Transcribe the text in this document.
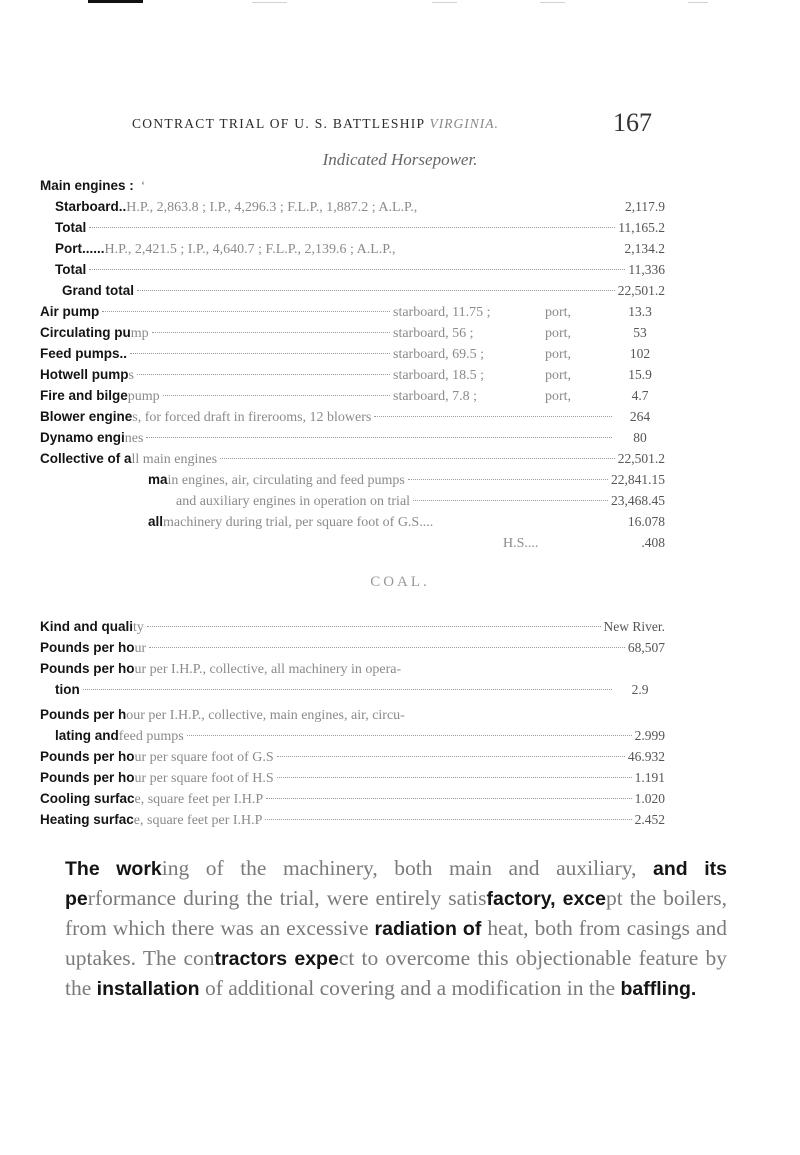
CONTRACT TRIAL OF U. S. BATTLESHIP VIRGINIA.	167
Indicated Horsepower.
Main engines : ‘
Starboard.. H.P., 2,863.8 ; I.P., 4,296.3 ; F.L.P., 1,887.2 ; A.L.P.,	2,117.9
Total	11,165.2
Port...... H.P., 2,421.5 ; I.P., 4,640.7 ; F.L.P., 2,139.6 ; A.L.P.,	2,134.2
Total	11,336
Grand total	22,501.2
Air pump	starboard, 11.75 ;	port,	13.3
Circulating pu mp	starboard, 56 ;	port,	53
Feed pumps..	starboard, 69.5 ;	port,	102
Hotwell pump s	starboard, 18.5 ;	port,	15.9
Fire and bilge pump	starboard, 7.8 ;	port,	4.7
Blower engine s, for forced draft in firerooms, 12 blowers	264
Dynamo engi nes	80
Collective of a ll main engines	22,501.2
ma in engines, air, circulating and feed pumps	22,841.15
and auxiliary engines in operation on trial	23,468.45
all machinery during trial, per square foot of G.S....	16.078
H.S....	.408
COAL.
Kind and quali ty	New River.
Pounds per ho ur	68,507
Pounds per ho ur per I.H.P., collective, all machinery in opera-
tion	2.9
Pounds per h our per I.H.P., collective, main engines, air, circu-
lating and feed pumps	2.999
Pounds per ho ur per square foot of G.S	46.932
Pounds per ho ur per square foot of H.S	1.191
Cooling surfac e, square feet per I.H.P	1.020
Heating surfac e, square feet per I.H.P	2.452
The working of the machinery, both main and auxiliary, and its performance during the trial, were entirely satisfactory, except the boilers, from which there was an excessive radiation of heat, both from casings and uptakes. The contractors expect to overcome this objectionable feature by the installation of additional covering and a modification in the baffling.
